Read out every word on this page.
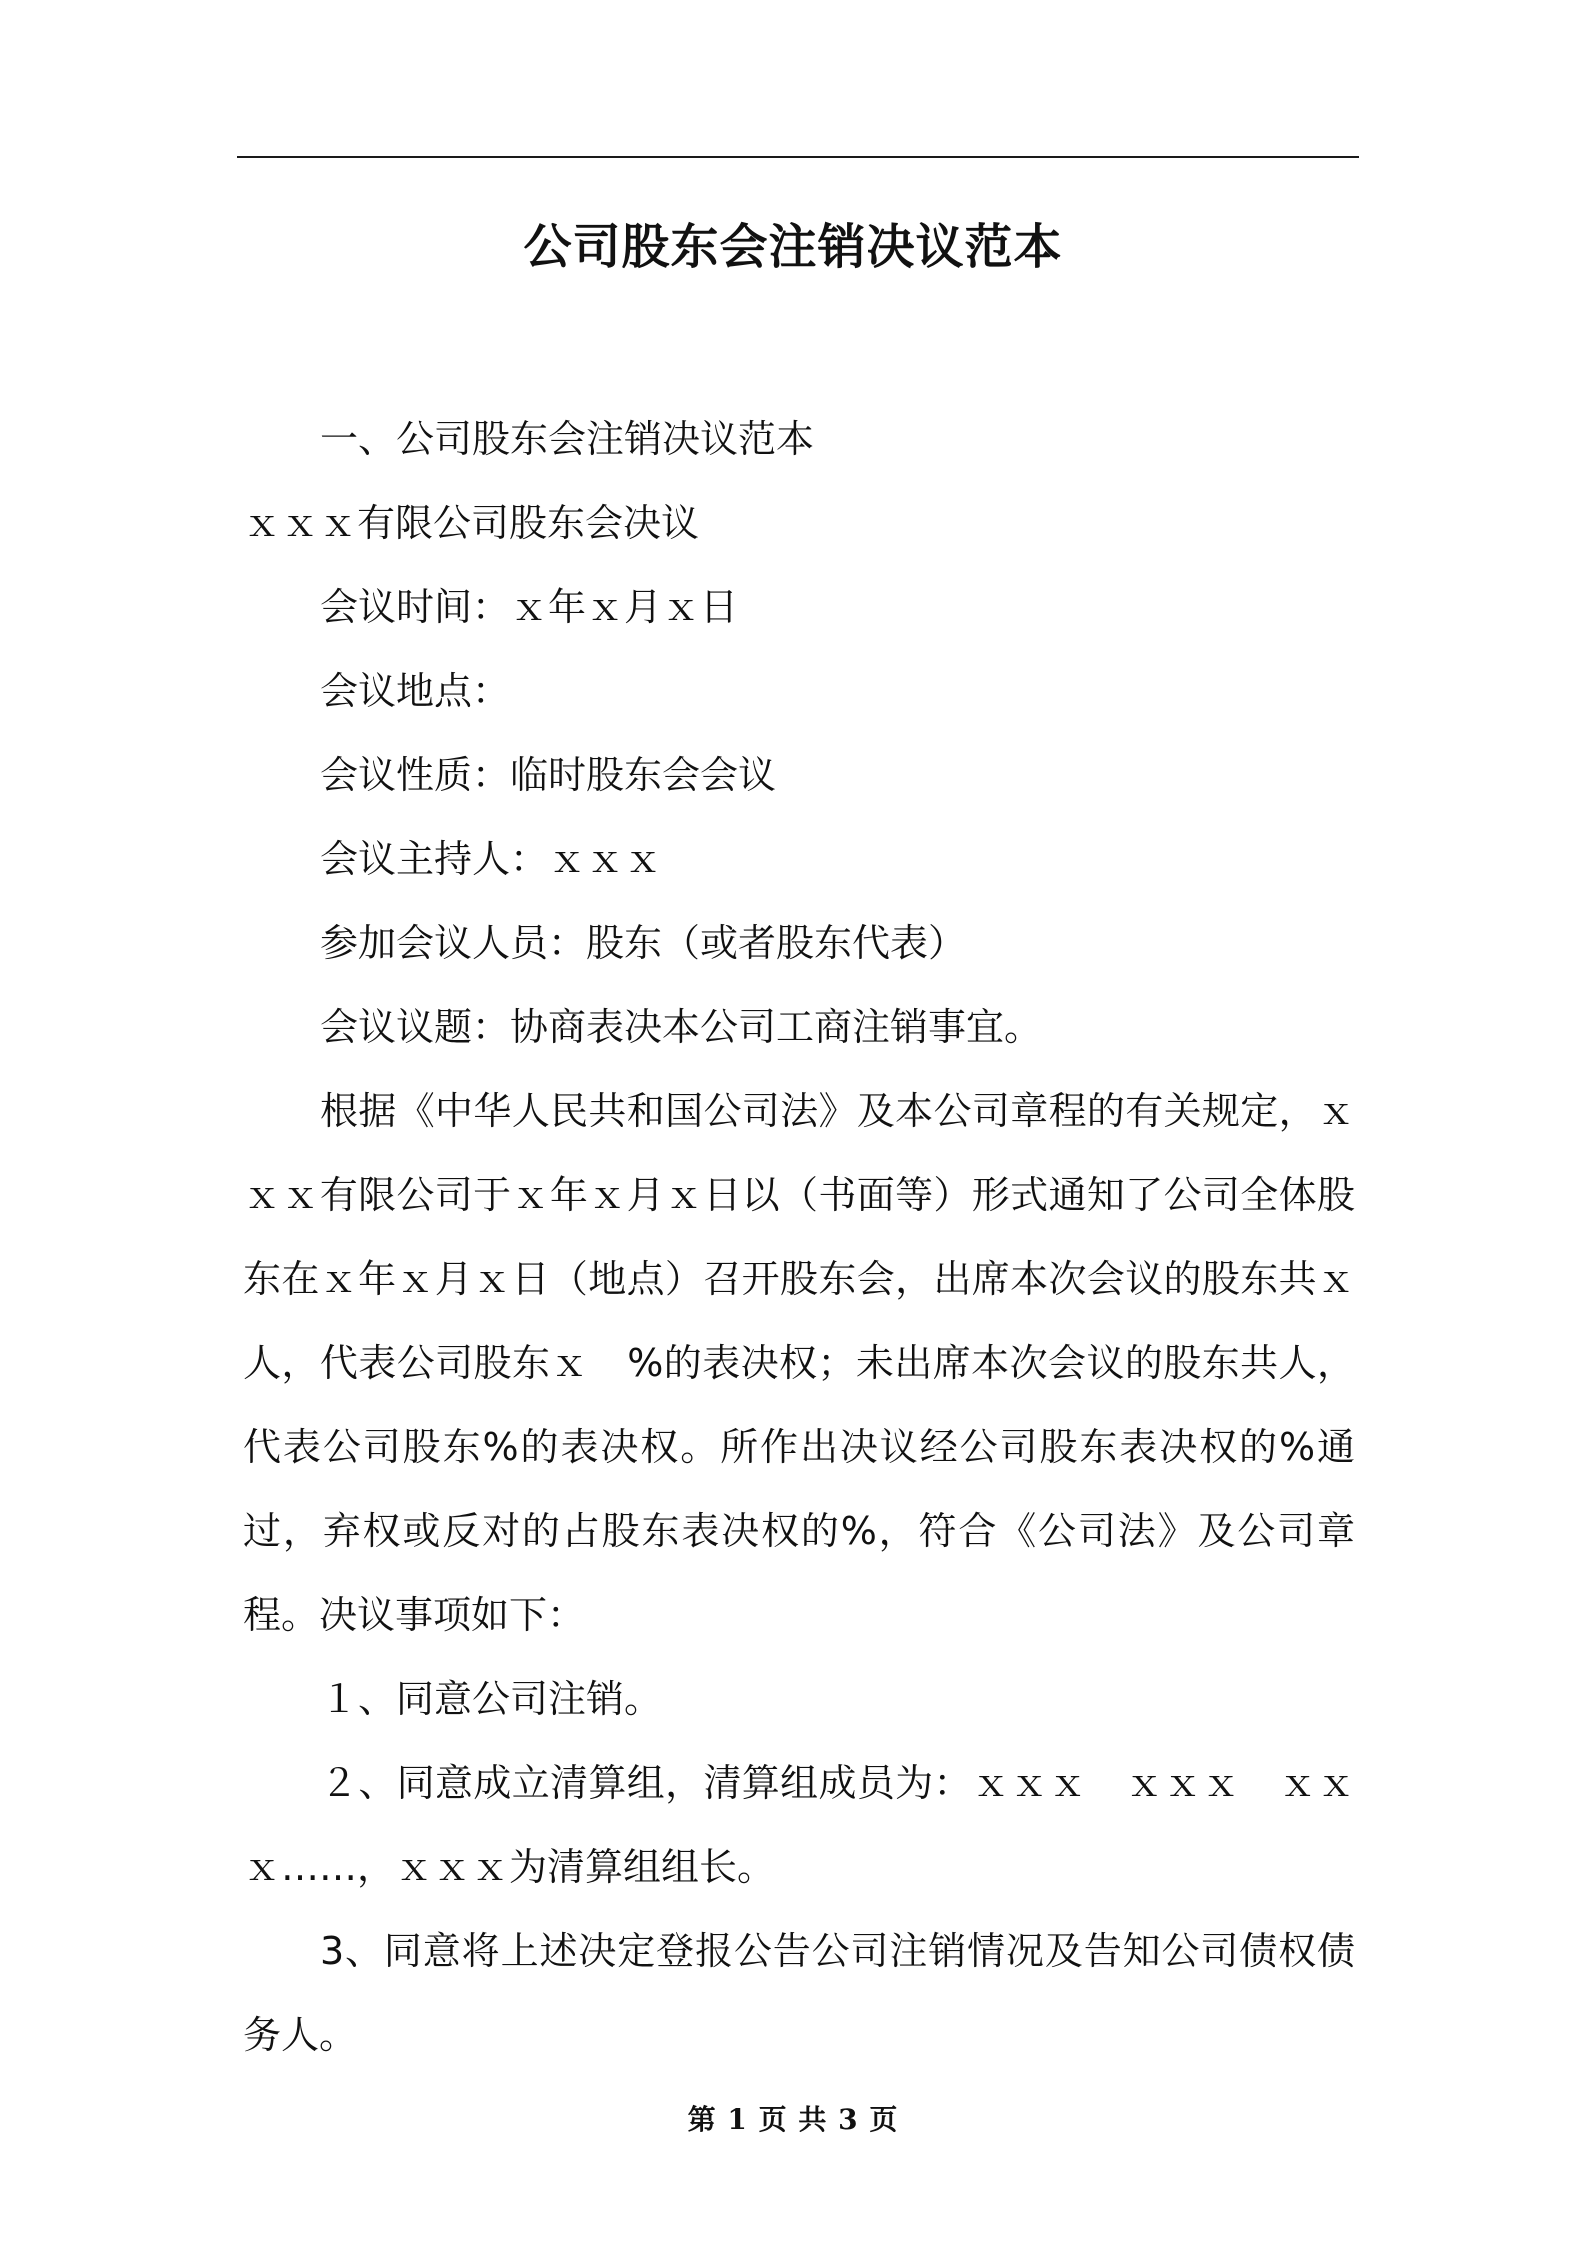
公司股东会注销决议范本

一、公司股东会注销决议范本

ｘｘｘ有限公司股东会决议

会议时间：ｘ年ｘ月ｘ日

会议地点：

会议性质：临时股东会会议

会议主持人：ｘｘｘ

参加会议人员：股东（或者股东代表）

会议议题：协商表决本公司工商注销事宜。

根据《中华人民共和国公司法》及本公司章程的有关规定，ｘｘｘ有限公司于ｘ年ｘ月ｘ日以（书面等）形式通知了公司全体股东在ｘ年ｘ月ｘ日（地点）召开股东会，出席本次会议的股东共ｘ人，代表公司股东ｘ　%的表决权；未出席本次会议的股东共人，代表公司股东%的表决权。所作出决议经公司股东表决权的%通过，弃权或反对的占股东表决权的%，符合《公司法》及公司章程。决议事项如下：

１、同意公司注销。

２、同意成立清算组，清算组成员为：ｘｘｘ　ｘｘｘ　ｘｘｘ……，ｘｘｘ为清算组组长。

3、同意将上述决定登报公告公司注销情况及告知公司债权债务人。

第 1 页 共 3 页
